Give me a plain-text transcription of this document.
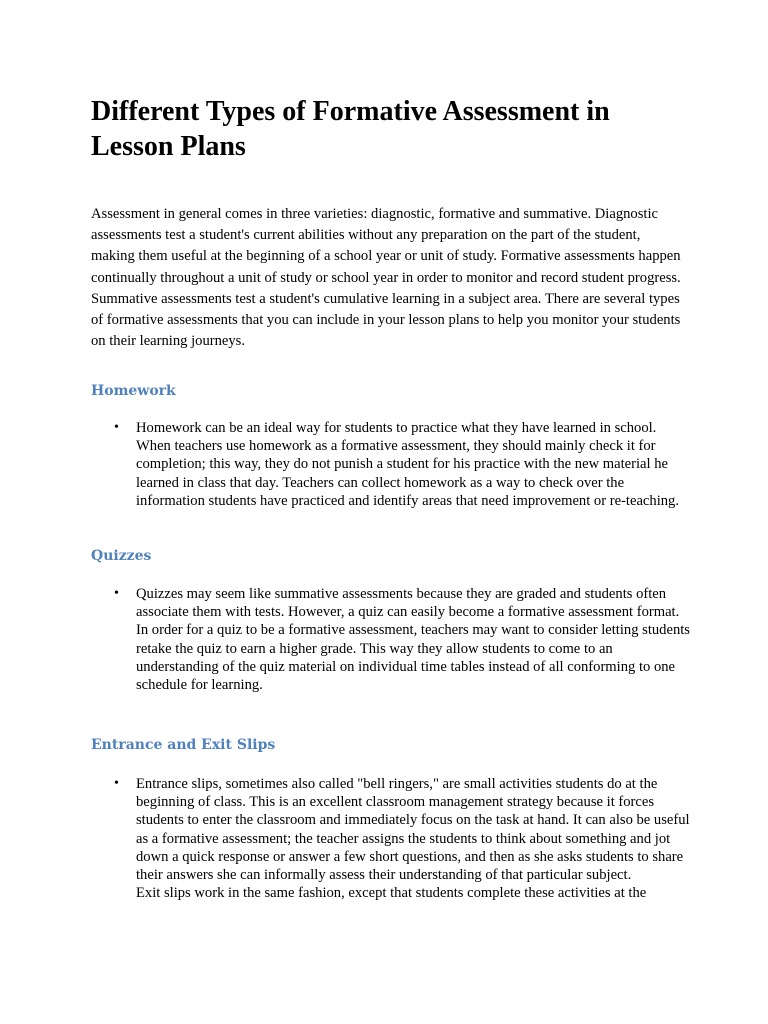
Different Types of Formative Assessment in Lesson Plans

Assessment in general comes in three varieties: diagnostic, formative and summative. Diagnostic assessments test a student's current abilities without any preparation on the part of the student, making them useful at the beginning of a school year or unit of study. Formative assessments happen continually throughout a unit of study or school year in order to monitor and record student progress. Summative assessments test a student's cumulative learning in a subject area. There are several types of formative assessments that you can include in your lesson plans to help you monitor your students on their learning journeys.

Homework
• Homework can be an ideal way for students to practice what they have learned in school. When teachers use homework as a formative assessment, they should mainly check it for completion; this way, they do not punish a student for his practice with the new material he learned in class that day. Teachers can collect homework as a way to check over the information students have practiced and identify areas that need improvement or re-teaching.
Quizzes
• Quizzes may seem like summative assessments because they are graded and students often associate them with tests. However, a quiz can easily become a formative assessment format. In order for a quiz to be a formative assessment, teachers may want to consider letting students retake the quiz to earn a higher grade. This way they allow students to come to an understanding of the quiz material on individual time tables instead of all conforming to one schedule for learning.
Entrance and Exit Slips
• Entrance slips, sometimes also called "bell ringers," are small activities students do at the beginning of class. This is an excellent classroom management strategy because it forces students to enter the classroom and immediately focus on the task at hand. It can also be useful as a formative assessment; the teacher assigns the students to think about something and jot down a quick response or answer a few short questions, and then as she asks students to share their answers she can informally assess their understanding of that particular subject.
Exit slips work in the same fashion, except that students complete these activities at the
